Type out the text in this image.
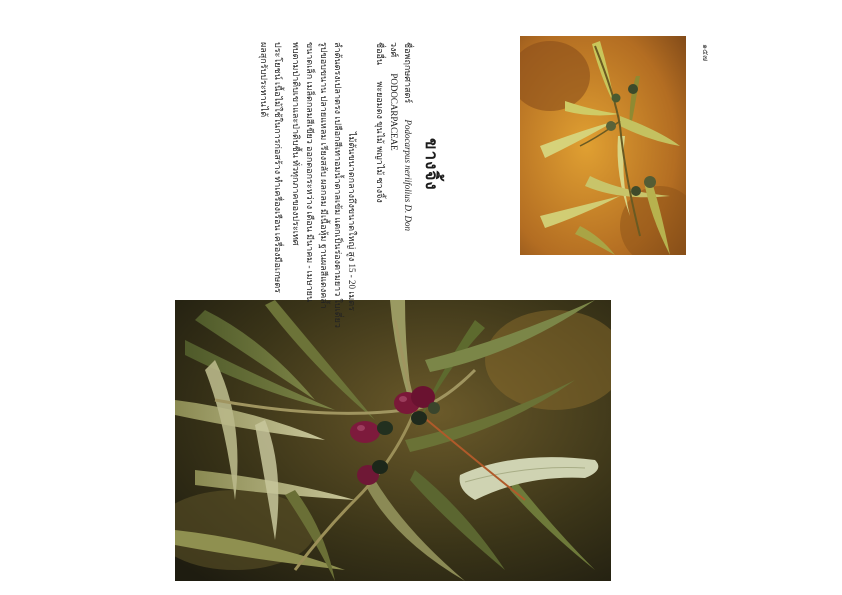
ขางจิ้ง
ชื่อพฤกษศาสตร์ Podocarpus neriifolius D. Don
วงศ์ PODOCARPACEAE
ชื่ออื่น พะยอมดง ขุนไม้ พญาไม้ ซางจิ้ง
ไม้ต้นขนาดกลางถึงขนาดใหญ่ สูง 15 - 20 เมตร
ลำต้นตรงเปลาตรง เปลือกสีเทาอมน้ำตาลเข้ม แตกเป็นร่องตามยาว ใบเดี่ยว
รูปขอบขนาน ปลายแหลม เรียงสลับ ผลกลม มีเนื้อหุ้ม ฐานผลสีแดงคล้ำ
ขนาดเล็ก เมล็ดกลมสีเขียว ออกดอกระหว่าง เดือน มีนาคม - เมษายน
พบตามป่าดิบเขาและป่าดิบชื้น ทั่วทุกภาคของประเทศ
ประโยชน์ เนื้อไม้ใช้ในการก่อสร้าง ทำเครื่องเรือน เครื่องมือเกษตร
ผลสุกรับประทานได้	๑๕๗
